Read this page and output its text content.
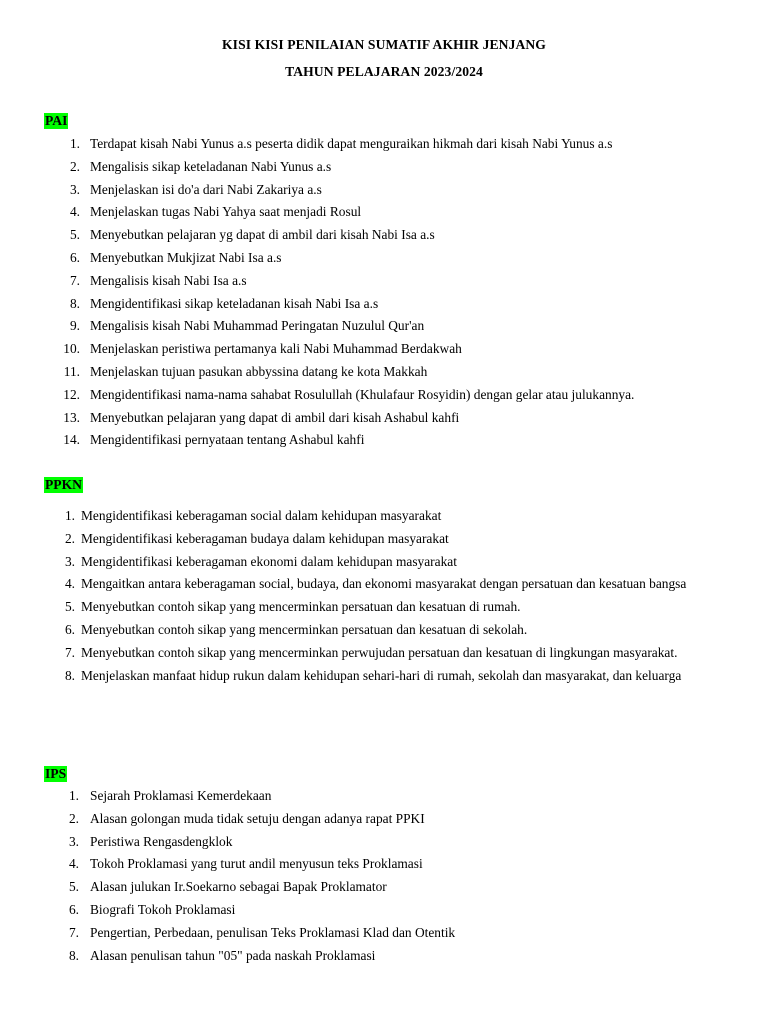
KISI KISI PENILAIAN SUMATIF AKHIR JENJANG
TAHUN PELAJARAN 2023/2024
PAI
1. Terdapat kisah Nabi Yunus a.s peserta didik dapat menguraikan hikmah dari kisah Nabi Yunus a.s
2. Mengalisis sikap keteladanan Nabi Yunus a.s
3. Menjelaskan isi do'a dari Nabi Zakariya a.s
4. Menjelaskan tugas Nabi Yahya saat menjadi Rosul
5. Menyebutkan pelajaran yg dapat di ambil dari kisah Nabi Isa a.s
6. Menyebutkan Mukjizat Nabi Isa a.s
7. Mengalisis kisah Nabi Isa a.s
8. Mengidentifikasi sikap keteladanan kisah Nabi Isa a.s
9. Mengalisis kisah Nabi Muhammad Peringatan Nuzulul Qur'an
10. Menjelaskan peristiwa pertamanya kali Nabi Muhammad Berdakwah
11. Menjelaskan tujuan pasukan abbyssina datang ke kota Makkah
12. Mengidentifikasi nama-nama sahabat Rosulullah (Khulafaur Rosyidin) dengan gelar atau julukannya.
13. Menyebutkan pelajaran yang dapat di ambil dari kisah Ashabul kahfi
14. Mengidentifikasi pernyataan tentang Ashabul kahfi
PPKN
1. Mengidentifikasi keberagaman social dalam kehidupan masyarakat
2. Mengidentifikasi keberagaman budaya dalam kehidupan masyarakat
3. Mengidentifikasi keberagaman ekonomi dalam kehidupan masyarakat
4. Mengaitkan antara keberagaman social, budaya, dan ekonomi masyarakat dengan persatuan dan kesatuan bangsa
5. Menyebutkan contoh sikap yang mencerminkan persatuan dan kesatuan di rumah.
6. Menyebutkan contoh sikap yang mencerminkan persatuan dan kesatuan di sekolah.
7. Menyebutkan contoh sikap yang mencerminkan perwujudan persatuan dan kesatuan di lingkungan masyarakat.
8. Menjelaskan manfaat hidup rukun dalam kehidupan sehari-hari di rumah, sekolah dan masyarakat, dan keluarga
IPS
1. Sejarah Proklamasi Kemerdekaan
2. Alasan golongan muda tidak setuju dengan adanya rapat PPKI
3. Peristiwa Rengasdengklok
4. Tokoh Proklamasi yang turut andil menyusun teks Proklamasi
5. Alasan julukan Ir.Soekarno sebagai Bapak Proklamator
6. Biografi Tokoh Proklamasi
7. Pengertian, Perbedaan, penulisan Teks Proklamasi Klad dan Otentik
8. Alasan penulisan tahun "05" pada naskah Proklamasi
